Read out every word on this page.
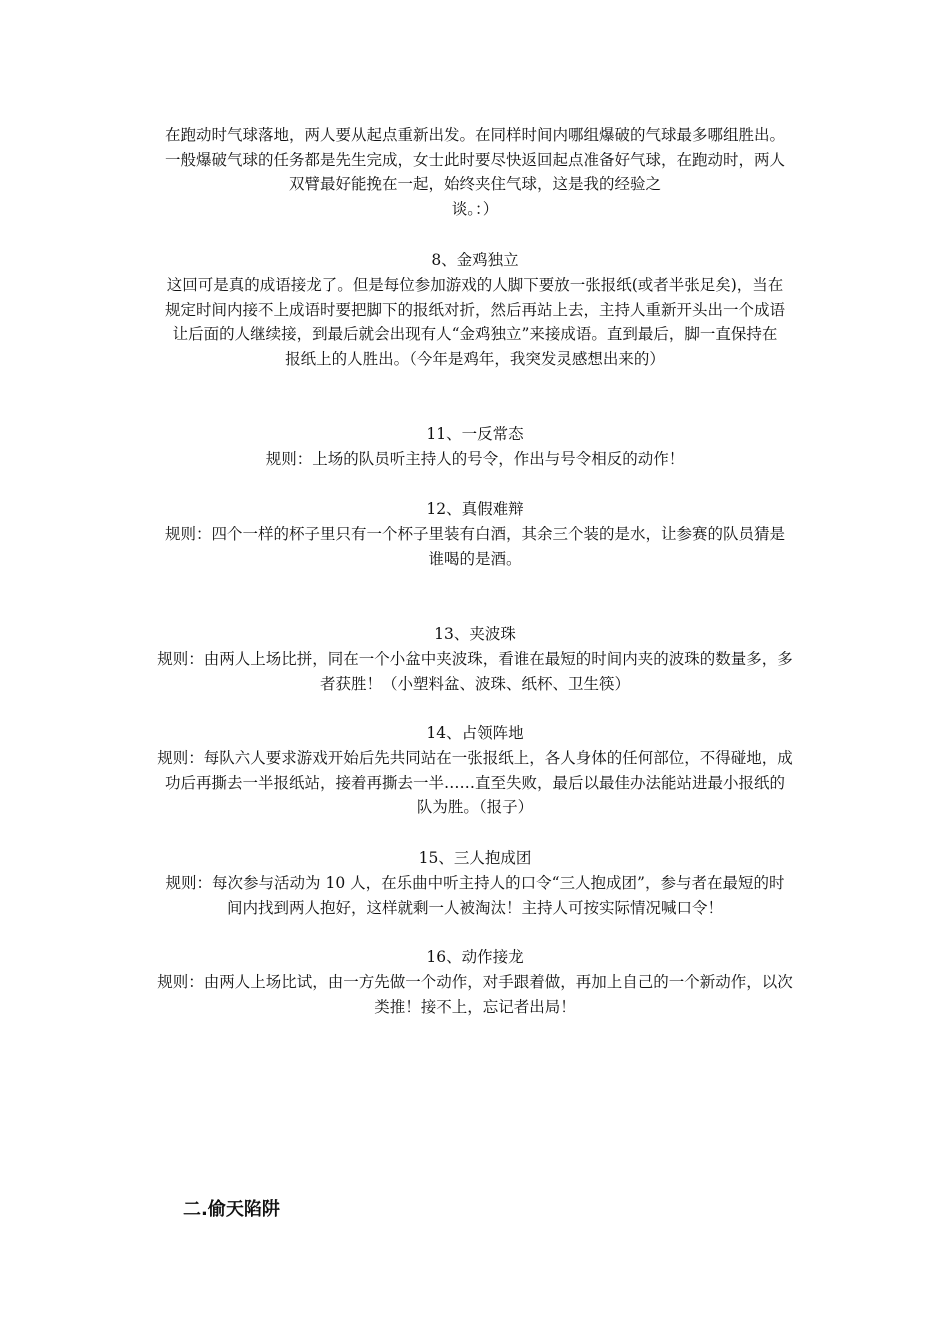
在跑动时气球落地，两人要从起点重新出发。在同样时间内哪组爆破的气球最多哪组胜出。

一般爆破气球的任务都是先生完成，女士此时要尽快返回起点准备好气球，在跑动时，两人

双臂最好能挽在一起，始终夹住气球，这是我的经验之

谈。：）

8、金鸡独立

这回可是真的成语接龙了。但是每位参加游戏的人脚下要放一张报纸(或者半张足矣)，当在

规定时间内接不上成语时要把脚下的报纸对折，然后再站上去，主持人重新开头出一个成语

让后面的人继续接，到最后就会出现有人“金鸡独立”来接成语。直到最后，脚一直保持在

报纸上的人胜出。（今年是鸡年，我突发灵感想出来的）

11、一反常态

规则：上场的队员听主持人的号令，作出与号令相反的动作！

12、真假难辩

规则：四个一样的杯子里只有一个杯子里装有白酒，其余三个装的是水，让参赛的队员猜是

谁喝的是酒。

13、夹波珠

规则：由两人上场比拼，同在一个小盆中夹波珠，看谁在最短的时间内夹的波珠的数量多，多

者获胜！（小塑料盆、波珠、纸杯、卫生筷）

14、占领阵地

规则：每队六人要求游戏开始后先共同站在一张报纸上，各人身体的任何部位，不得碰地，成

功后再撕去一半报纸站，接着再撕去一半……直至失败，最后以最佳办法能站进最小报纸的

队为胜。（报子）

15、三人抱成团

规则：每次参与活动为 10 人，在乐曲中听主持人的口令“三人抱成团”，参与者在最短的时

间内找到两人抱好，这样就剩一人被淘汰！主持人可按实际情况喊口令！

16、动作接龙

规则：由两人上场比试，由一方先做一个动作，对手跟着做，再加上自己的一个新动作，以次

类推！接不上，忘记者出局！

二.偷天陷阱
